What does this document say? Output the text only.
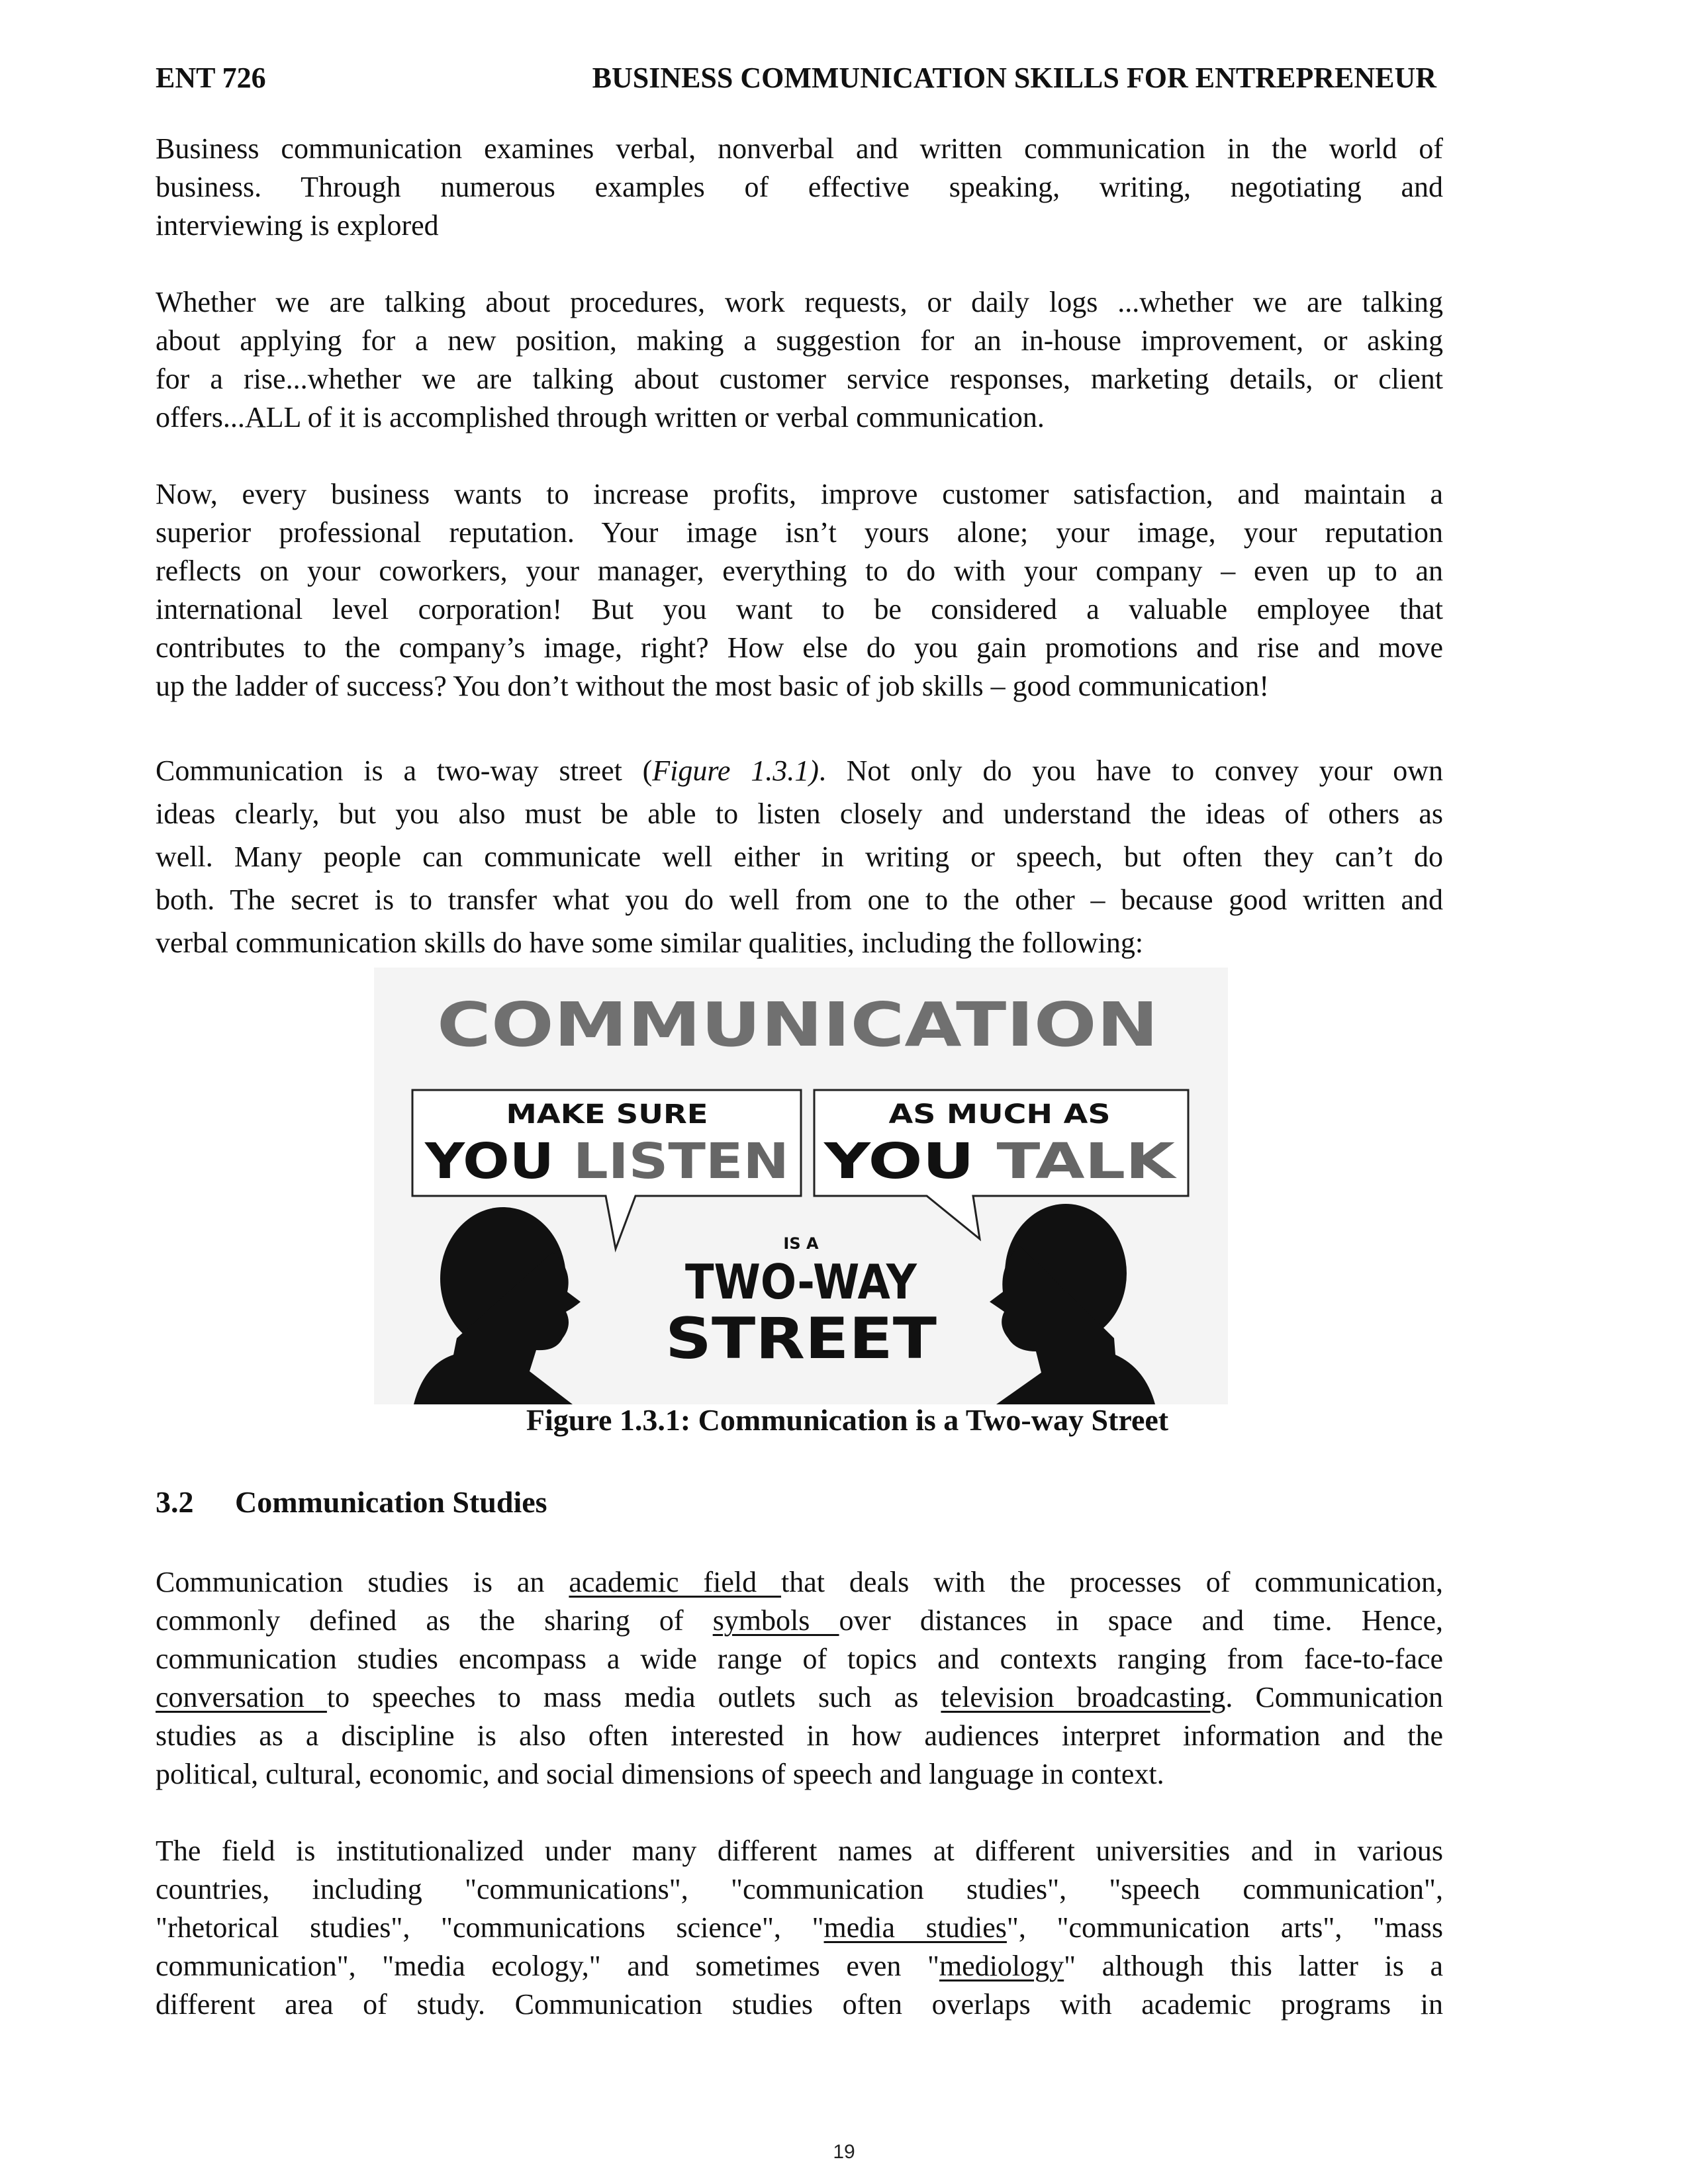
ENT 726	BUSINESS COMMUNICATION SKILLS FOR ENTREPRENEUR

Business communication examines verbal, nonverbal and written communication in the world of

business. Through numerous examples of effective speaking, writing, negotiating and

interviewing is explored

Whether we are talking about procedures, work requests, or daily logs ...whether we are talking

about applying for a new position, making a suggestion for an in-house improvement, or asking

for a rise...whether we are talking about customer service responses, marketing details, or client

offers...ALL of it is accomplished through written or verbal communication.

Now, every business wants to increase profits, improve customer satisfaction, and maintain a

superior professional reputation. Your image isn’t yours alone; your image, your reputation

reflects on your coworkers, your manager, everything to do with your company – even up to an

international level corporation! But you want to be considered a valuable employee that

contributes to the company’s image, right? How else do you gain promotions and rise and move

up the ladder of success? You don’t without the most basic of job skills – good communication!

Communication is a two-way street (Figure 1.3.1). Not only do you have to convey your own

ideas clearly, but you also must be able to listen closely and understand the ideas of others as

well. Many people can communicate well either in writing or speech, but often they can’t do

both. The secret is to transfer what you do well from one to the other – because good written and

verbal communication skills do have some similar qualities, including the following:

COMMUNICATION
MAKE SURE
YOU LISTEN
AS MUCH AS
YOU TALK
IS A
TWO-WAY
STREET
Figure 1.3.1: Communication is a Two-way Street
3.2 Communication Studies

Communication studies is an academic field that deals with the processes of communication,

commonly defined as the sharing of symbols over distances in space and time. Hence,

communication studies encompass a wide range of topics and contexts ranging from face-to-face

conversation to speeches to mass media outlets such as television broadcasting. Communication

studies as a discipline is also often interested in how audiences interpret information and the

political, cultural, economic, and social dimensions of speech and language in context.

The field is institutionalized under many different names at different universities and in various

countries, including "communications", "communication studies", "speech communication",

"rhetorical studies", "communications science", "media studies", "communication arts", "mass

communication", "media ecology," and sometimes even "mediology" although this latter is a

different area of study. Communication studies often overlaps with academic programs in

19
